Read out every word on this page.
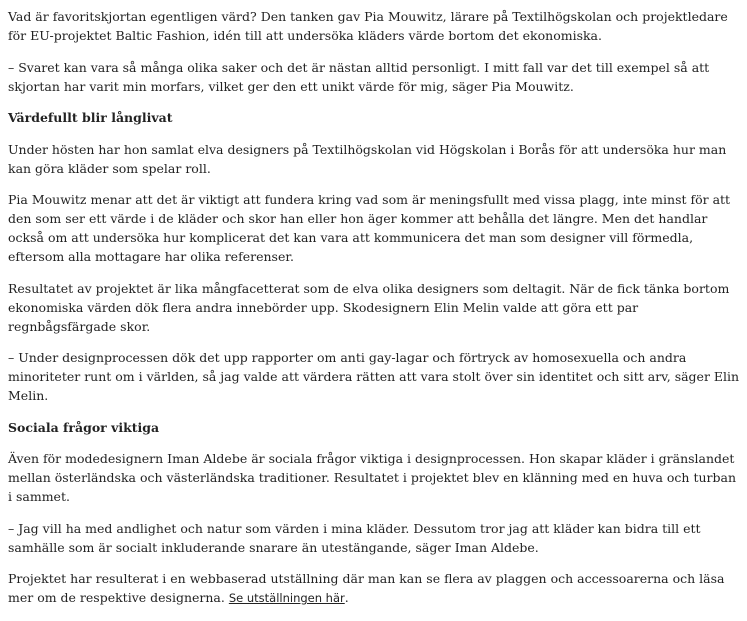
Vad är favoritskjortan egentligen värd? Den tanken gav Pia Mouwitz, lärare på Textilhögskolan och projektledare för EU-projektet Baltic Fashion, idén till att undersöka kläders värde bortom det ekonomiska.

– Svaret kan vara så många olika saker och det är nästan alltid personligt. I mitt fall var det till exempel så att skjortan har varit min morfars, vilket ger den ett unikt värde för mig, säger Pia Mouwitz.

Värdefullt blir långlivat

Under hösten har hon samlat elva designers på Textilhögskolan vid Högskolan i Borås för att undersöka hur man kan göra kläder som spelar roll.

Pia Mouwitz menar att det är viktigt att fundera kring vad som är meningsfullt med vissa plagg, inte minst för att den som ser ett värde i de kläder och skor han eller hon äger kommer att behålla det längre. Men det handlar också om att undersöka hur komplicerat det kan vara att kommunicera det man som designer vill förmedla, eftersom alla mottagare har olika referenser.

Resultatet av projektet är lika mångfacetterat som de elva olika designers som deltagit. När de fick tänka bortom ekonomiska värden dök flera andra innebörder upp. Skodesignern Elin Melin valde att göra ett par regnbågsfärgade skor.

– Under designprocessen dök det upp rapporter om anti gay-lagar och förtryck av homosexuella och andra minoriteter runt om i världen, så jag valde att värdera rätten att vara stolt över sin identitet och sitt arv, säger Elin Melin.

Sociala frågor viktiga

Även för modedesignern Iman Aldebe är sociala frågor viktiga i designprocessen. Hon skapar kläder i gränslandet mellan österländska och västerländska traditioner. Resultatet i projektet blev en klänning med en huva och turban i sammet.

– Jag vill ha med andlighet och natur som värden i mina kläder. Dessutom tror jag att kläder kan bidra till ett samhälle som är socialt inkluderande snarare än utestängande, säger Iman Aldebe.

Projektet har resulterat i en webbaserad utställning där man kan se flera av plaggen och accessoarerna och läsa mer om de respektive designerna. Se utställningen här.
